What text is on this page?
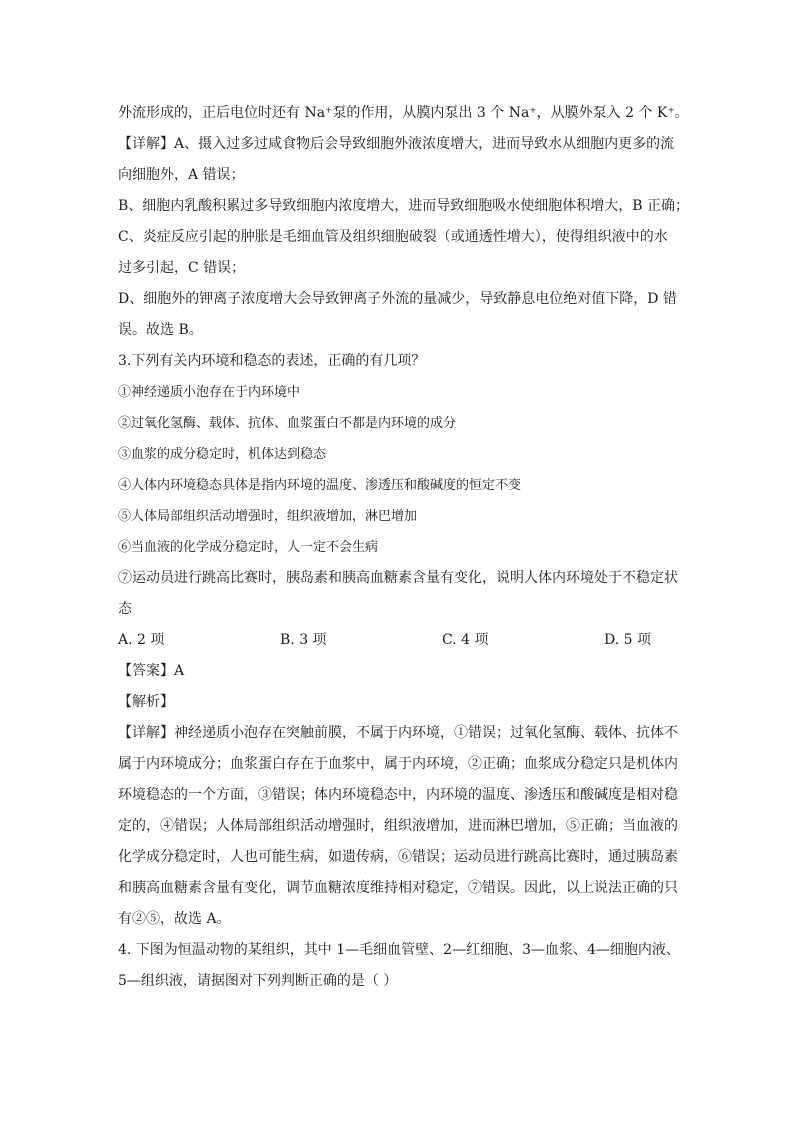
外流形成的，正后电位时还有 Na⁺泵的作用，从膜内泵出 3 个 Na⁺，从膜外泵入 2 个 K⁺。

【详解】A、摄入过多过咸食物后会导致细胞外液浓度增大，进而导致水从细胞内更多的流

向细胞外，A 错误；

B、细胞内乳酸积累过多导致细胞内浓度增大，进而导致细胞吸水使细胞体积增大，B 正确；

C、炎症反应引起的肿胀是毛细血管及组织细胞破裂（或通透性增大），使得组织液中的水

过多引起，C 错误；

D、细胞外的钾离子浓度增大会导致钾离子外流的量减少，导致静息电位绝对值下降，D 错

误。故选 B。

3.下列有关内环境和稳态的表述，正确的有几项？

①神经递质小泡存在于内环境中

②过氧化氢酶、载体、抗体、血浆蛋白不都是内环境的成分

③血浆的成分稳定时，机体达到稳态

④人体内环境稳态具体是指内环境的温度、渗透压和酸碱度的恒定不变

⑤人体局部组织活动增强时，组织液增加，淋巴增加

⑥当血液的化学成分稳定时，人一定不会生病

⑦运动员进行跳高比赛时，胰岛素和胰高血糖素含量有变化，说明人体内环境处于不稳定状

态

A. 2 项	B. 3 项	C. 4 项	D. 5 项

【答案】A

【解析】

【详解】神经递质小泡存在突触前膜，不属于内环境，①错误；过氧化氢酶、载体、抗体不

属于内环境成分；血浆蛋白存在于血浆中，属于内环境，②正确；血浆成分稳定只是机体内

环境稳态的一个方面，③错误；体内环境稳态中，内环境的温度、渗透压和酸碱度是相对稳

定的，④错误；人体局部组织活动增强时，组织液增加，进而淋巴增加，⑤正确；当血液的

化学成分稳定时，人也可能生病，如遗传病，⑥错误；运动员进行跳高比赛时，通过胰岛素

和胰高血糖素含量有变化，调节血糖浓度维持相对稳定，⑦错误。因此，以上说法正确的只

有②⑤，故选 A。

4. 下图为恒温动物的某组织，其中 1—毛细血管壁、2—红细胞、3—血浆、4—细胞内液、

5—组织液，请据图对下列判断正确的是（ ）
